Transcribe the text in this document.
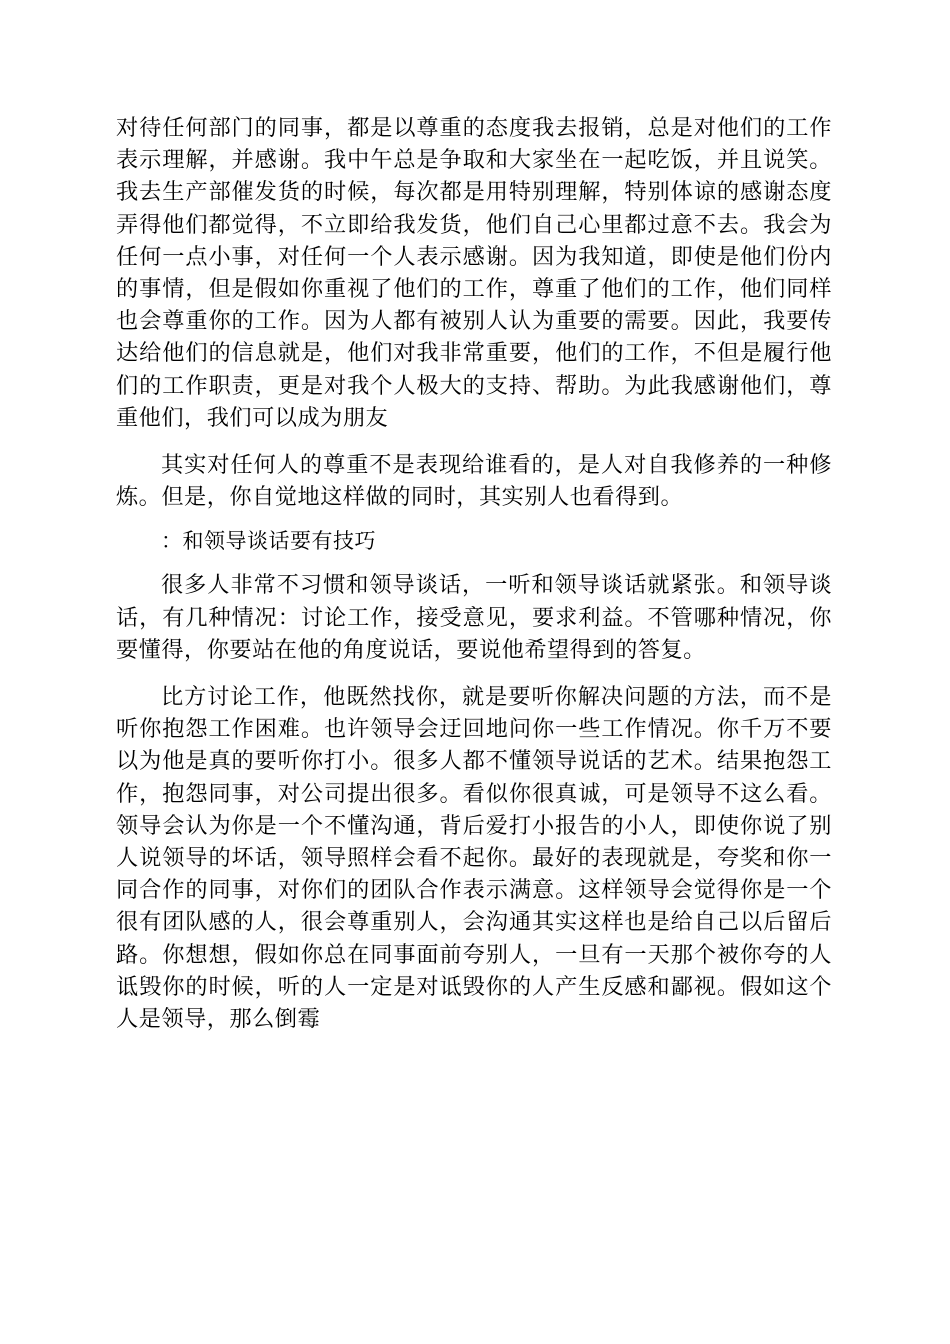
对待任何部门的同事，都是以尊重的态度我去报销，总是对他们的工作表示理解，并感谢。我中午总是争取和大家坐在一起吃饭，并且说笑。我去生产部催发货的时候，每次都是用特别理解，特别体谅的感谢态度弄得他们都觉得，不立即给我发货，他们自己心里都过意不去。我会为任何一点小事，对任何一个人表示感谢。因为我知道，即使是他们份内的事情，但是假如你重视了他们的工作，尊重了他们的工作，他们同样也会尊重你的工作。因为人都有被别人认为重要的需要。因此，我要传达给他们的信息就是，他们对我非常重要，他们的工作，不但是履行他们的工作职责，更是对我个人极大的支持、帮助。为此我感谢他们，尊重他们，我们可以成为朋友

其实对任何人的尊重不是表现给谁看的，是人对自我修养的一种修炼。但是，你自觉地这样做的同时，其实别人也看得到。

：和领导谈话要有技巧

很多人非常不习惯和领导谈话，一听和领导谈话就紧张。和领导谈话，有几种情况：讨论工作，接受意见，要求利益。不管哪种情况，你要懂得，你要站在他的角度说话，要说他希望得到的答复。

比方讨论工作，他既然找你，就是要听你解决问题的方法，而不是听你抱怨工作困难。也许领导会迂回地问你一些工作情况。你千万不要以为他是真的要听你打小。很多人都不懂领导说话的艺术。结果抱怨工作，抱怨同事，对公司提出很多。看似你很真诚，可是领导不这么看。领导会认为你是一个不懂沟通，背后爱打小报告的小人，即使你说了别人说领导的坏话，领导照样会看不起你。最好的表现就是，夸奖和你一同合作的同事，对你们的团队合作表示满意。这样领导会觉得你是一个很有团队感的人，很会尊重别人，会沟通其实这样也是给自己以后留后路。你想想，假如你总在同事面前夸别人，一旦有一天那个被你夸的人诋毁你的时候，听的人一定是对诋毁你的人产生反感和鄙视。假如这个人是领导，那么倒霉
